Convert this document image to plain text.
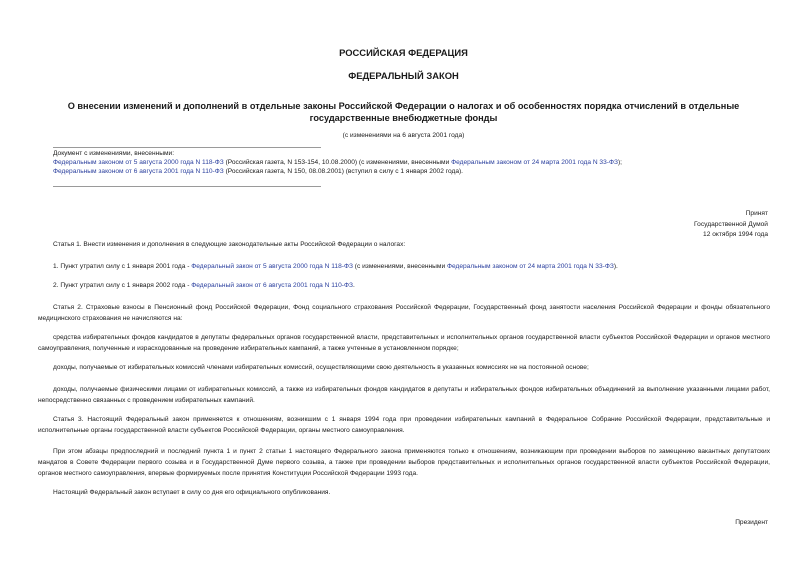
РОССИЙСКАЯ ФЕДЕРАЦИЯ
ФЕДЕРАЛЬНЫЙ ЗАКОН
О внесении изменений и дополнений в отдельные законы Российской Федерации о налогах и об особенностях порядка отчислений в отдельные государственные внебюджетные фонды
(с изменениями на 6 августа 2001 года)
Документ с изменениями, внесенными:
Федеральным законом от 5 августа 2000 года N 118-ФЗ (Российская газета, N 153-154, 10.08.2000) (с изменениями, внесенными Федеральным законом от 24 марта 2001 года N 33-ФЗ);
Федеральным законом от 6 августа 2001 года N 110-ФЗ (Российская газета, N 150, 08.08.2001) (вступил в силу с 1 января 2002 года).
Принят
Государственной Думой
12 октября 1994 года
Статья 1. Внести изменения и дополнения в следующие законодательные акты Российской Федерации о налогах:
1. Пункт утратил силу с 1 января 2001 года - Федеральный закон от 5 августа 2000 года N 118-ФЗ (с изменениями, внесенными Федеральным законом от 24 марта 2001 года N 33-ФЗ).
2. Пункт утратил силу с 1 января 2002 года - Федеральный закон от 6 августа 2001 года N 110-ФЗ.
Статья 2. Страховые взносы в Пенсионный фонд Российской Федерации, Фонд социального страхования Российской Федерации, Государственный фонд занятости населения Российской Федерации и фонды обязательного медицинского страхования не начисляются на:
средства избирательных фондов кандидатов в депутаты федеральных органов государственной власти, представительных и исполнительных органов государственной власти субъектов Российской Федерации и органов местного самоуправления, полученные и израсходованные на проведение избирательных кампаний, а также учтенные в установленном порядке;
доходы, получаемые от избирательных комиссий членами избирательных комиссий, осуществляющими свою деятельность в указанных комиссиях не на постоянной основе;
доходы, получаемые физическими лицами от избирательных комиссий, а также из избирательных фондов кандидатов в депутаты и избирательных фондов избирательных объединений за выполнение указанными лицами работ, непосредственно связанных с проведением избирательных кампаний.
Статья 3. Настоящий Федеральный закон применяется к отношениям, возникшим с 1 января 1994 года при проведении избирательных кампаний в Федеральное Собрание Российской Федерации, представительные и исполнительные органы государственной власти субъектов Российской Федерации, органы местного самоуправления.
При этом абзацы предпоследний и последний пункта 1 и пункт 2 статьи 1 настоящего Федерального закона применяются только к отношениям, возникающим при проведении выборов по замещению вакантных депутатских мандатов в Совете Федерации первого созыва и в Государственной Думе первого созыва, а также при проведении выборов представительных и исполнительных органов государственной власти субъектов Российской Федерации, органов местного самоуправления, впервые формируемых после принятия Конституции Российской Федерации 1993 года.
Настоящий Федеральный закон вступает в силу со дня его официального опубликования.
Президент
